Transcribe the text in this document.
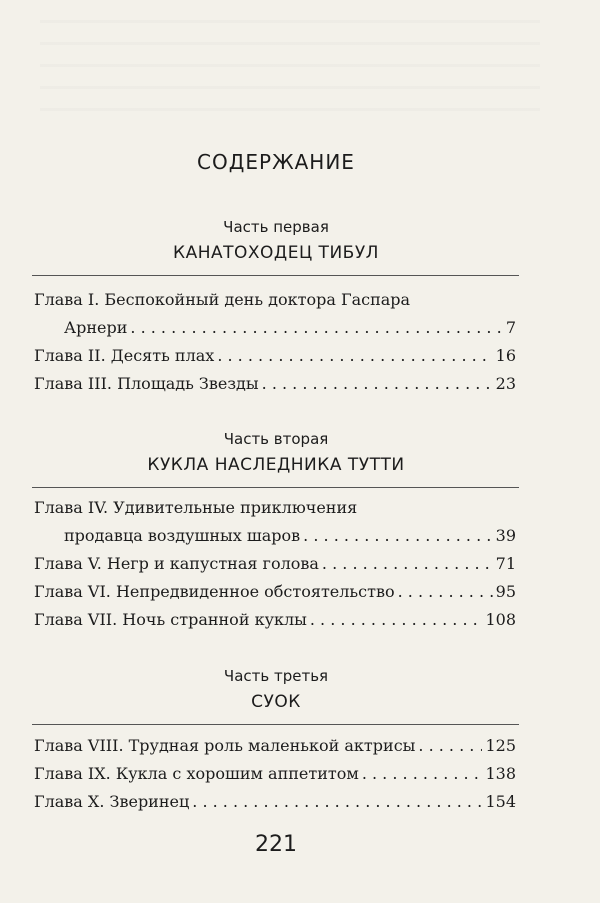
СОДЕРЖАНИЕ
Часть первая
КАНАТОХОДЕЦ ТИБУЛ
Глава I. Беспокойный день доктора Гаспара
Арнери . . .	7
Глава II. Десять плах . . .	16
Глава III. Площадь Звезды . . .	23
Часть вторая
КУКЛА НАСЛЕДНИКА ТУТТИ
Глава IV. Удивительные приключения
продавца воздушных шаров . . .	39
Глава V. Негр и капустная голова . . .	71
Глава VI. Непредвиденное обстоятельство . . .	95
Глава VII. Ночь странной куклы . . .	108
Часть третья
СУОК
Глава VIII. Трудная роль маленькой актрисы . . .	125
Глава IX. Кукла с хорошим аппетитом . . .	138
Глава X. Зверинец . . .	154
221
